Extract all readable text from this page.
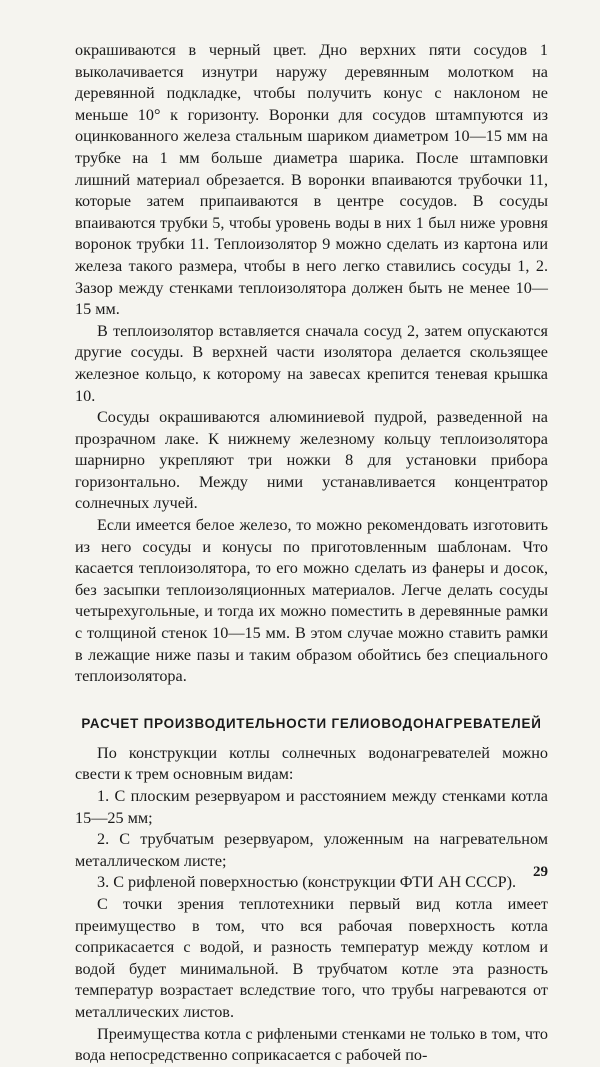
окрашиваются в черный цвет. Дно верхних пяти сосудов 1 выколачивается изнутри наружу деревянным молотком на деревянной подкладке, чтобы получить конус с наклоном не меньше 10° к горизонту. Воронки для сосудов штампуются из оцинкованного железа стальным шариком диаметром 10—15 мм на трубке на 1 мм больше диаметра шарика. После штамповки лишний материал обрезается. В воронки впаиваются трубочки 11, которые затем припаиваются в центре сосудов. В сосуды впаиваются трубки 5, чтобы уровень воды в них 1 был ниже уровня воронок трубки 11. Теплоизолятор 9 можно сделать из картона или железа такого размера, чтобы в него легко ставились сосуды 1, 2. Зазор между стенками теплоизолятора должен быть не менее 10—15 мм.

В теплоизолятор вставляется сначала сосуд 2, затем опускаются другие сосуды. В верхней части изолятора делается скользящее железное кольцо, к которому на завесах крепится теневая крышка 10.

Сосуды окрашиваются алюминиевой пудрой, разведенной на прозрачном лаке. К нижнему железному кольцу теплоизолятора шарнирно укрепляют три ножки 8 для установки прибора горизонтально. Между ними устанавливается концентратор солнечных лучей.

Если имеется белое железо, то можно рекомендовать изготовить из него сосуды и конусы по приготовленным шаблонам. Что касается теплоизолятора, то его можно сделать из фанеры и досок, без засыпки теплоизоляционных материалов. Легче делать сосуды четырехугольные, и тогда их можно поместить в деревянные рамки с толщиной стенок 10—15 мм. В этом случае можно ставить рамки в лежащие ниже пазы и таким образом обойтись без специального теплоизолятора.

РАСЧЕТ ПРОИЗВОДИТЕЛЬНОСТИ ГЕЛИОВОДОНАГРЕВАТЕЛЕЙ

По конструкции котлы солнечных водонагревателей можно свести к трем основным видам:

1. С плоским резервуаром и расстоянием между стенками котла 15—25 мм;

2. С трубчатым резервуаром, уложенным на нагревательном металлическом листе;

3. С рифленой поверхностью (конструкции ФТИ АН СССР).

С точки зрения теплотехники первый вид котла имеет преимущество в том, что вся рабочая поверхность котла соприкасается с водой, и разность температур между котлом и водой будет минимальной. В трубчатом котле эта разность температур возрастает вследствие того, что трубы нагреваются от металлических листов.

Преимущества котла с рифлеными стенками не только в том, что вода непосредственно соприкасается с рабочей по-

29
